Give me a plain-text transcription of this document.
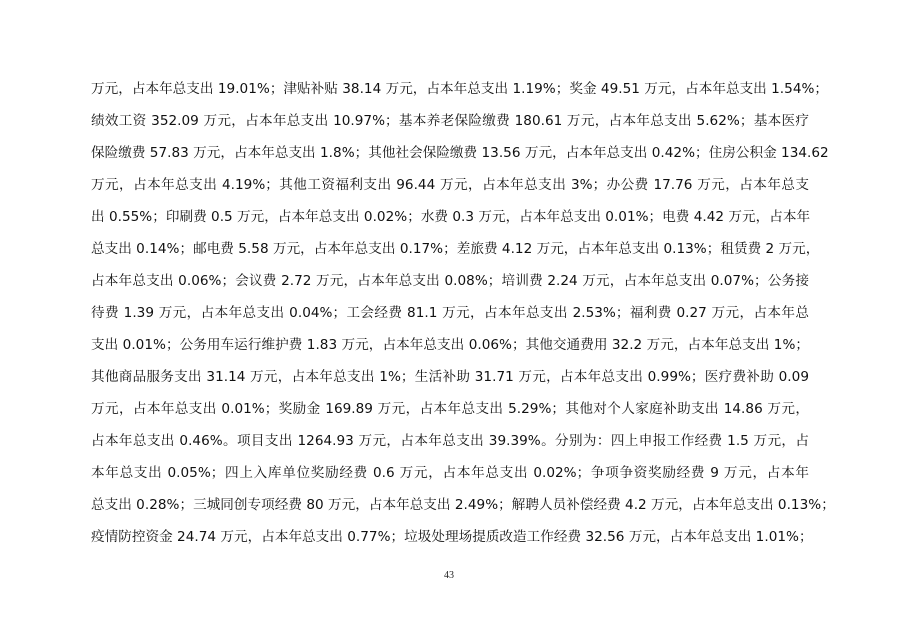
万元，占本年总支出 19.01%；津贴补贴 38.14 万元，占本年总支出 1.19%；奖金 49.51 万元，占本年总支出 1.54%；
绩效工资 352.09 万元，占本年总支出 10.97%；基本养老保险缴费 180.61 万元，占本年总支出 5.62%；基本医疗
保险缴费 57.83 万元，占本年总支出 1.8%；其他社会保险缴费 13.56 万元，占本年总支出 0.42%；住房公积金 134.62
万元，占本年总支出 4.19%；其他工资福利支出 96.44 万元，占本年总支出 3%；办公费 17.76 万元，占本年总支
出 0.55%；印刷费 0.5 万元，占本年总支出 0.02%；水费 0.3 万元，占本年总支出 0.01%；电费 4.42 万元，占本年
总支出 0.14%；邮电费 5.58 万元，占本年总支出 0.17%；差旅费 4.12 万元，占本年总支出 0.13%；租赁费 2 万元，
占本年总支出 0.06%；会议费 2.72 万元，占本年总支出 0.08%；培训费 2.24 万元，占本年总支出 0.07%；公务接
待费 1.39 万元，占本年总支出 0.04%；工会经费 81.1 万元，占本年总支出 2.53%；福利费 0.27 万元，占本年总
支出 0.01%；公务用车运行维护费 1.83 万元，占本年总支出 0.06%；其他交通费用 32.2 万元，占本年总支出 1%；
其他商品服务支出 31.14 万元，占本年总支出 1%；生活补助 31.71 万元，占本年总支出 0.99%；医疗费补助 0.09
万元，占本年总支出 0.01%；奖励金 169.89 万元，占本年总支出 5.29%；其他对个人家庭补助支出 14.86 万元，
占本年总支出 0.46%。项目支出 1264.93 万元，占本年总支出 39.39%。分别为：四上申报工作经费 1.5 万元，占
本年总支出 0.05%；四上入库单位奖励经费 0.6 万元，占本年总支出 0.02%；争项争资奖励经费 9 万元，占本年
总支出 0.28%；三城同创专项经费 80 万元，占本年总支出 2.49%；解聘人员补偿经费 4.2 万元，占本年总支出 0.13%；
疫情防控资金 24.74 万元，占本年总支出 0.77%；垃圾处理场提质改造工作经费 32.56 万元，占本年总支出 1.01%；
43
